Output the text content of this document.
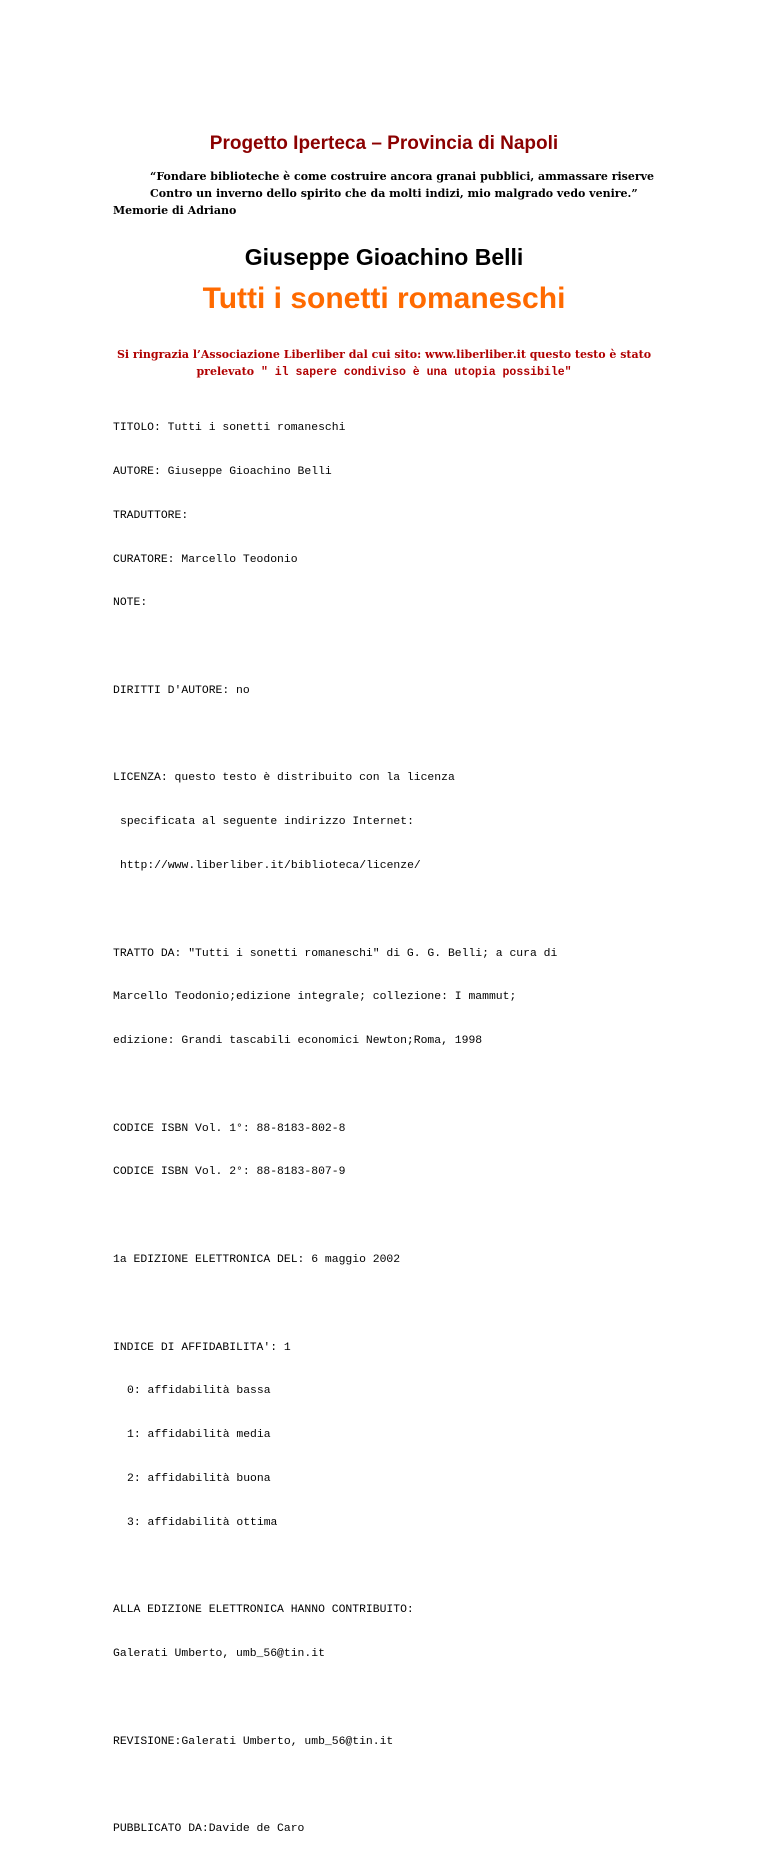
Progetto Iperteca – Provincia di Napoli
“Fondare biblioteche è come costruire ancora granai pubblici, ammassare riserve
Contro un inverno dello spirito che da molti indizi, mio malgrado vedo venire.”
Memorie di Adriano
Giuseppe Gioachino Belli
Tutti i sonetti romaneschi
Si ringrazia l’Associazione Liberliber dal cui sito: www.liberliber.it questo testo è stato
prelevato " il sapere condiviso è una utopia possibile"

TITOLO: Tutti i sonetti romaneschi

AUTORE: Giuseppe Gioachino Belli

TRADUTTORE:

CURATORE: Marcello Teodonio

NOTE:

DIRITTI D'AUTORE: no

LICENZA: questo testo è distribuito con la licenza

specificata al seguente indirizzo Internet:

http://www.liberliber.it/biblioteca/licenze/

TRATTO DA: "Tutti i sonetti romaneschi" di G. G. Belli; a cura di

Marcello Teodonio;edizione integrale; collezione: I mammut;

edizione: Grandi tascabili economici Newton;Roma, 1998

CODICE ISBN Vol. 1°: 88-8183-802-8

CODICE ISBN Vol. 2°: 88-8183-807-9

1a EDIZIONE ELETTRONICA DEL: 6 maggio 2002

INDICE DI AFFIDABILITA': 1

0: affidabilità bassa

1: affidabilità media

2: affidabilità buona

3: affidabilità ottima

ALLA EDIZIONE ELETTRONICA HANNO CONTRIBUITO:

Galerati Umberto, umb_56@tin.it

REVISIONE:Galerati Umberto, umb_56@tin.it

PUBBLICATO DA:Davide de Caro
